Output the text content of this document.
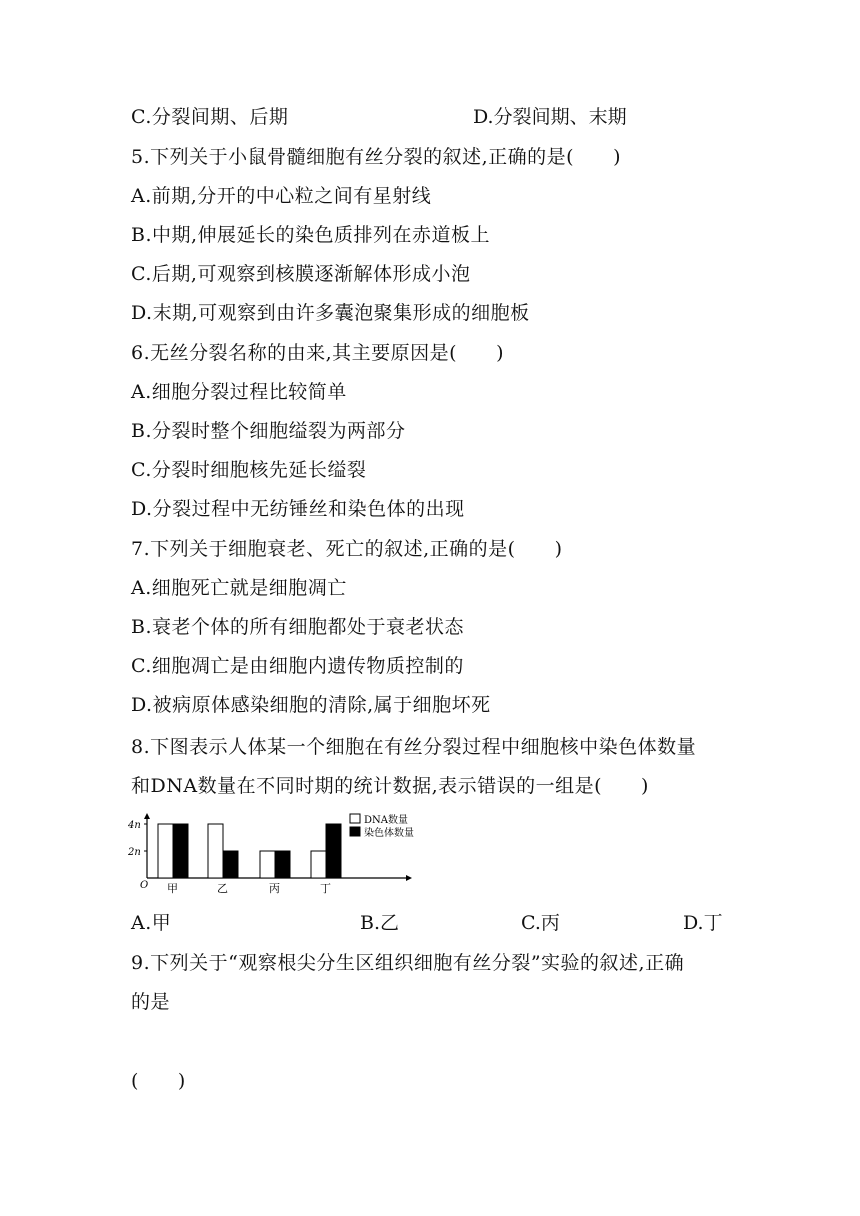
C.分裂间期、后期	D.分裂间期、末期
5.下列关于小鼠骨髓细胞有丝分裂的叙述,正确的是(　　)
A.前期,分开的中心粒之间有星射线
B.中期,伸展延长的染色质排列在赤道板上
C.后期,可观察到核膜逐渐解体形成小泡
D.末期,可观察到由许多囊泡聚集形成的细胞板
6.无丝分裂名称的由来,其主要原因是(　　)
A.细胞分裂过程比较简单
B.分裂时整个细胞缢裂为两部分
C.分裂时细胞核先延长缢裂
D.分裂过程中无纺锤丝和染色体的出现
7.下列关于细胞衰老、死亡的叙述,正确的是(　　)
A.细胞死亡就是细胞凋亡
B.衰老个体的所有细胞都处于衰老状态
C.细胞凋亡是由细胞内遗传物质控制的
D.被病原体感染细胞的清除,属于细胞坏死
8.下图表示人体某一个细胞在有丝分裂过程中细胞核中染色体数量
和DNA数量在不同时期的统计数据,表示错误的一组是(　　)
O
4n
2n
甲	乙	丙	丁
DNA数量
染色体数量
A.甲	B.乙	C.丙	D.丁
9.下列关于“观察根尖分生区组织细胞有丝分裂”实验的叙述,正确
的是
(　　)
